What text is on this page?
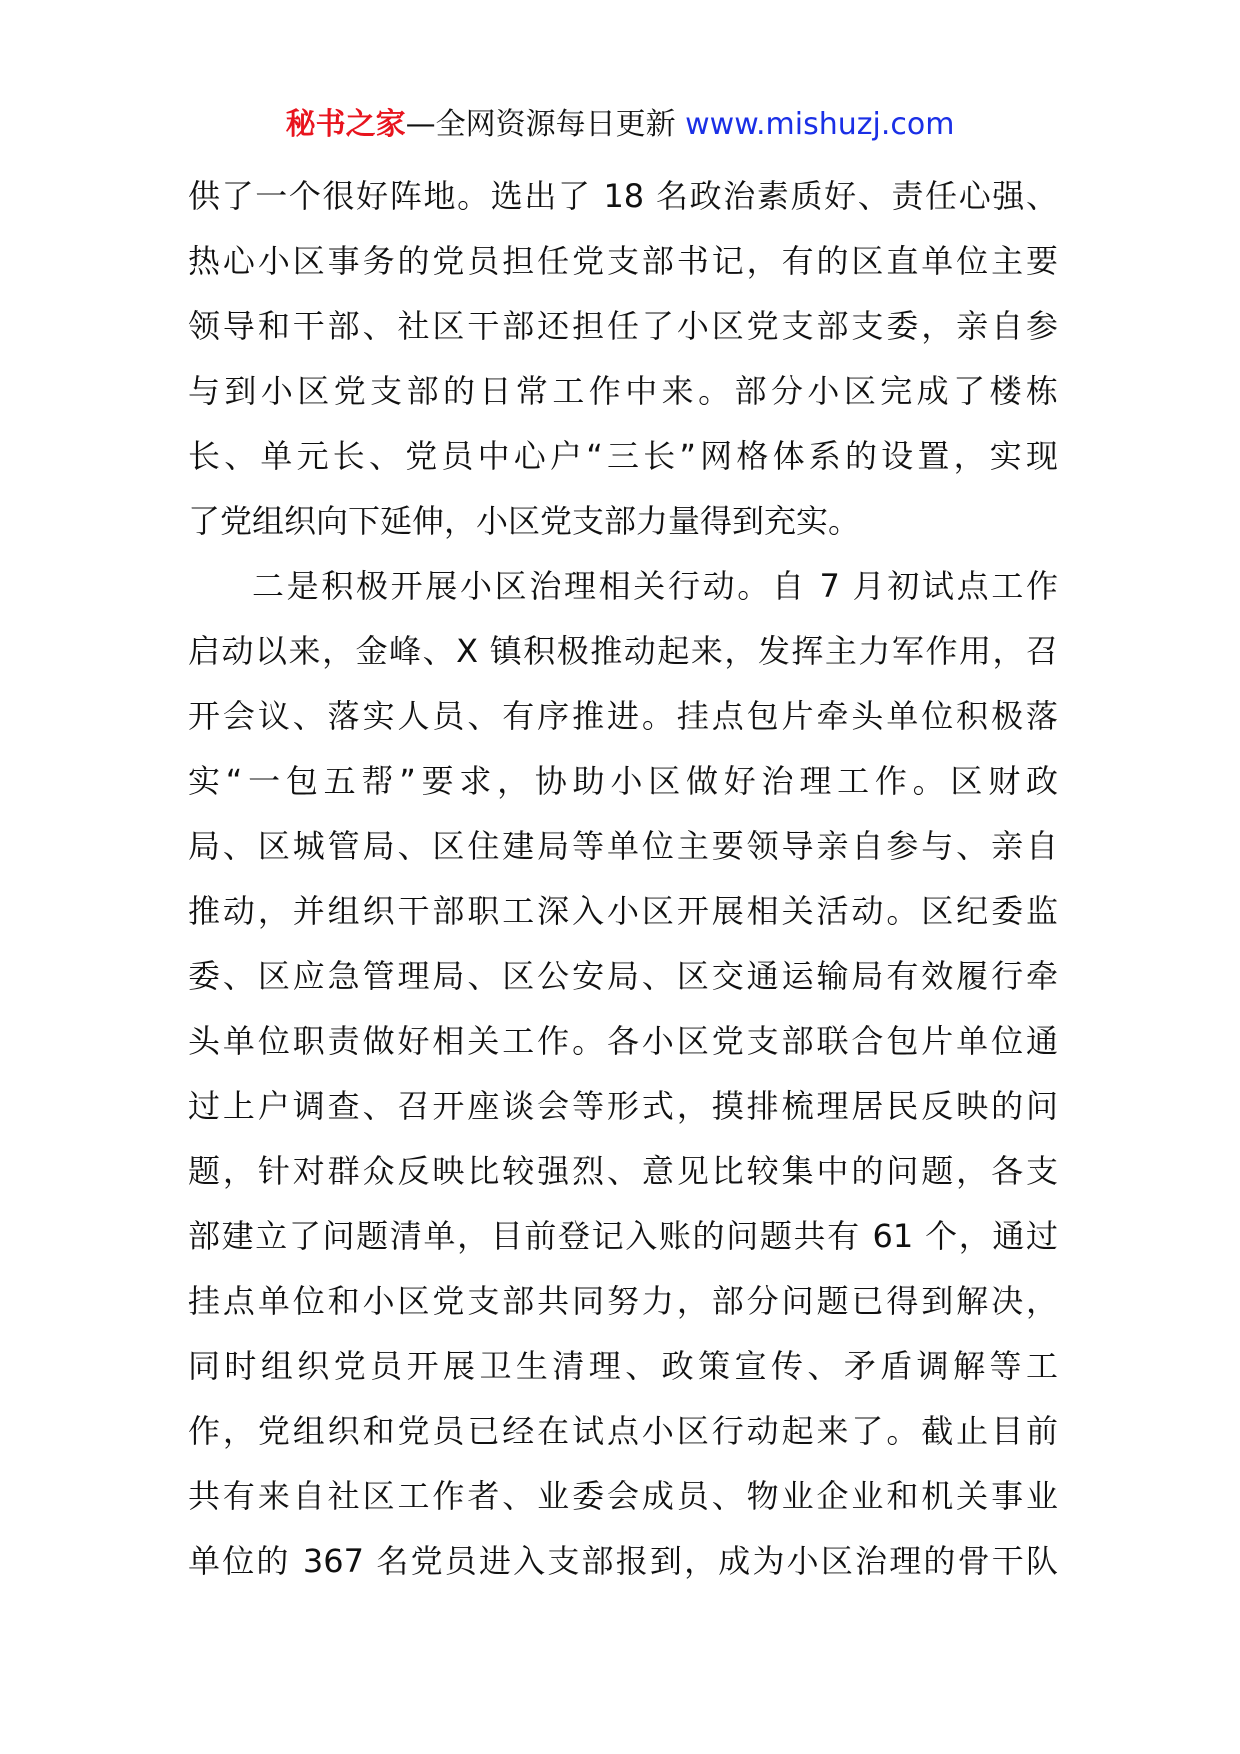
秘书之家—全网资源每日更新 www.mishuzj.com
供了一个很好阵地。选出了 18 名政治素质好、责任心强、
热心小区事务的党员担任党支部书记，有的区直单位主要
领导和干部、社区干部还担任了小区党支部支委，亲自参
与到小区党支部的日常工作中来。部分小区完成了楼栋
长、单元长、党员中心户“三长”网格体系的设置，实现
了党组织向下延伸，小区党支部力量得到充实。
二是积极开展小区治理相关行动。自 7 月初试点工作
启动以来，金峰、X 镇积极推动起来，发挥主力军作用，召
开会议、落实人员、有序推进。挂点包片牵头单位积极落
实“一包五帮”要求，协助小区做好治理工作。区财政
局、区城管局、区住建局等单位主要领导亲自参与、亲自
推动，并组织干部职工深入小区开展相关活动。区纪委监
委、区应急管理局、区公安局、区交通运输局有效履行牵
头单位职责做好相关工作。各小区党支部联合包片单位通
过上户调查、召开座谈会等形式，摸排梳理居民反映的问
题，针对群众反映比较强烈、意见比较集中的问题，各支
部建立了问题清单，目前登记入账的问题共有 61 个，通过
挂点单位和小区党支部共同努力，部分问题已得到解决，
同时组织党员开展卫生清理、政策宣传、矛盾调解等工
作，党组织和党员已经在试点小区行动起来了。截止目前
共有来自社区工作者、业委会成员、物业企业和机关事业
单位的 367 名党员进入支部报到，成为小区治理的骨干队
